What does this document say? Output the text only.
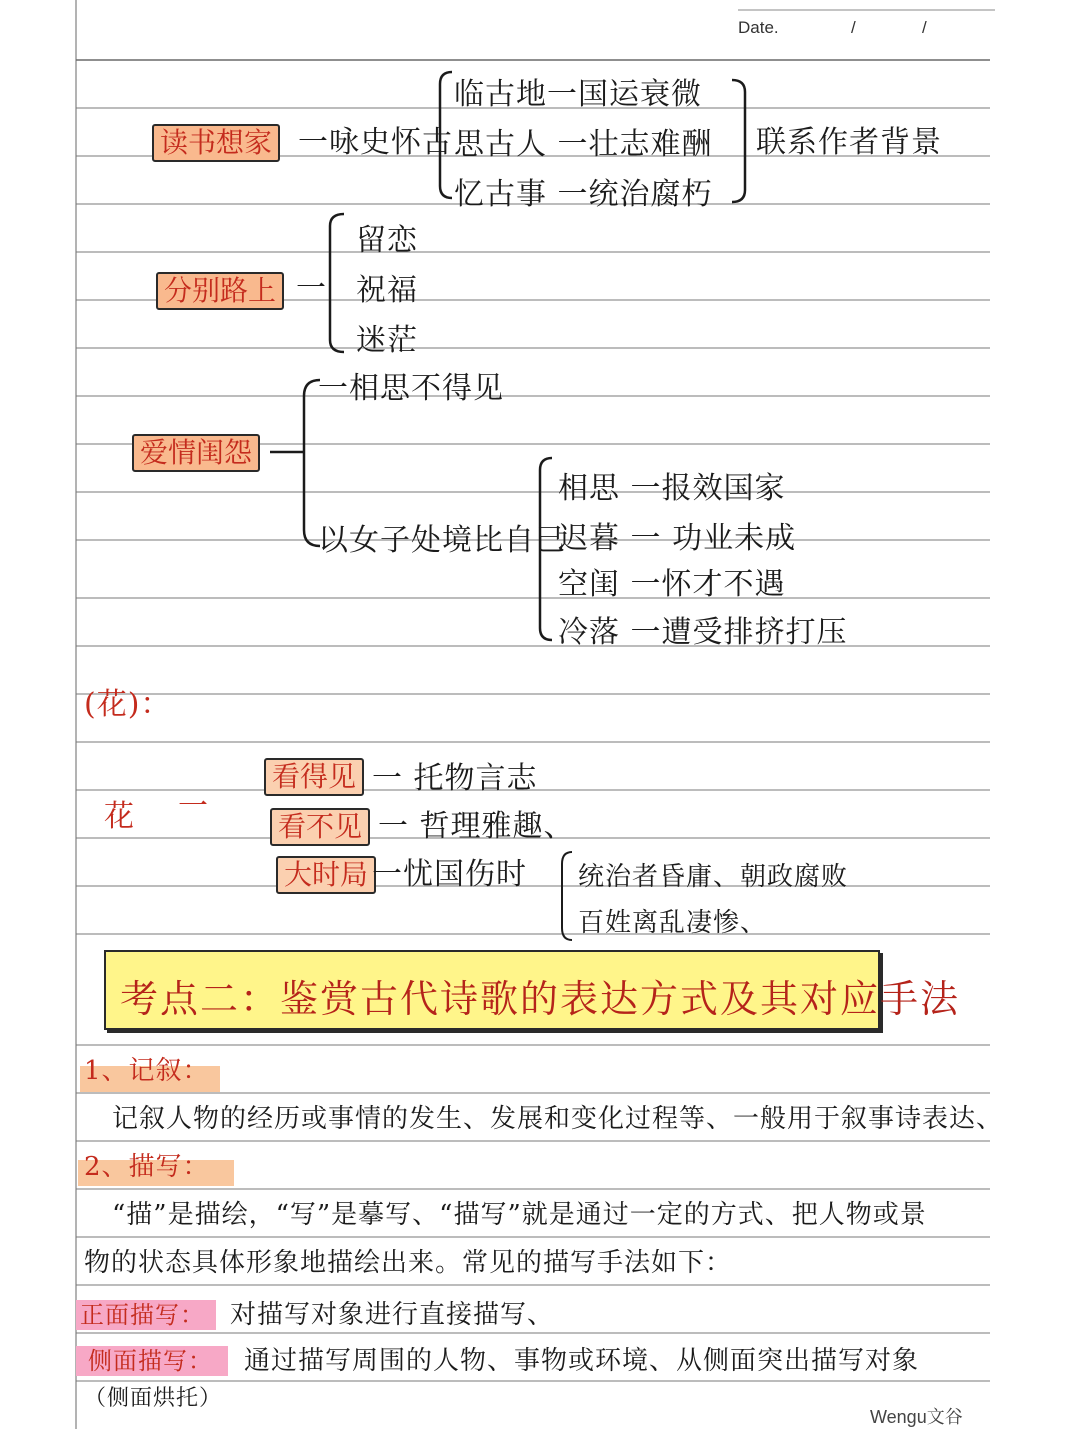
Date.	/	/
读书想家 一咏史怀古
临古地一国运衰微
思古人 一壮志难酬
忆古事 一统治腐朽
联系作者背景
分别路上 一
留恋
祝福
迷茫
爱情闺怨
一相思不得见
以女子处境比自己
相思 一报效国家
迟暮 一 功业未成
空闺 一怀才不遇
冷落 一遭受排挤打压
(花)：
花 一
看得见 一 托物言志
看不见 一 哲理雅趣、
大时局 一忧国伤时 统治者昏庸、朝政腐败
百姓离乱凄惨、
考点二：鉴赏古代诗歌的表达方式及其对应手法
1、记叙：
记叙人物的经历或事情的发生、发展和变化过程等、一般用于叙事诗表达、
2、描写：
“描”是描绘，“写”是摹写、“描写”就是通过一定的方式、把人物或景
物的状态具体形象地描绘出来。常见的描写手法如下：
正面描写： 对描写对象进行直接描写、
侧面描写： 通过描写周围的人物、事物或环境、从侧面突出描写对象
（侧面烘托）
Wengu文谷
